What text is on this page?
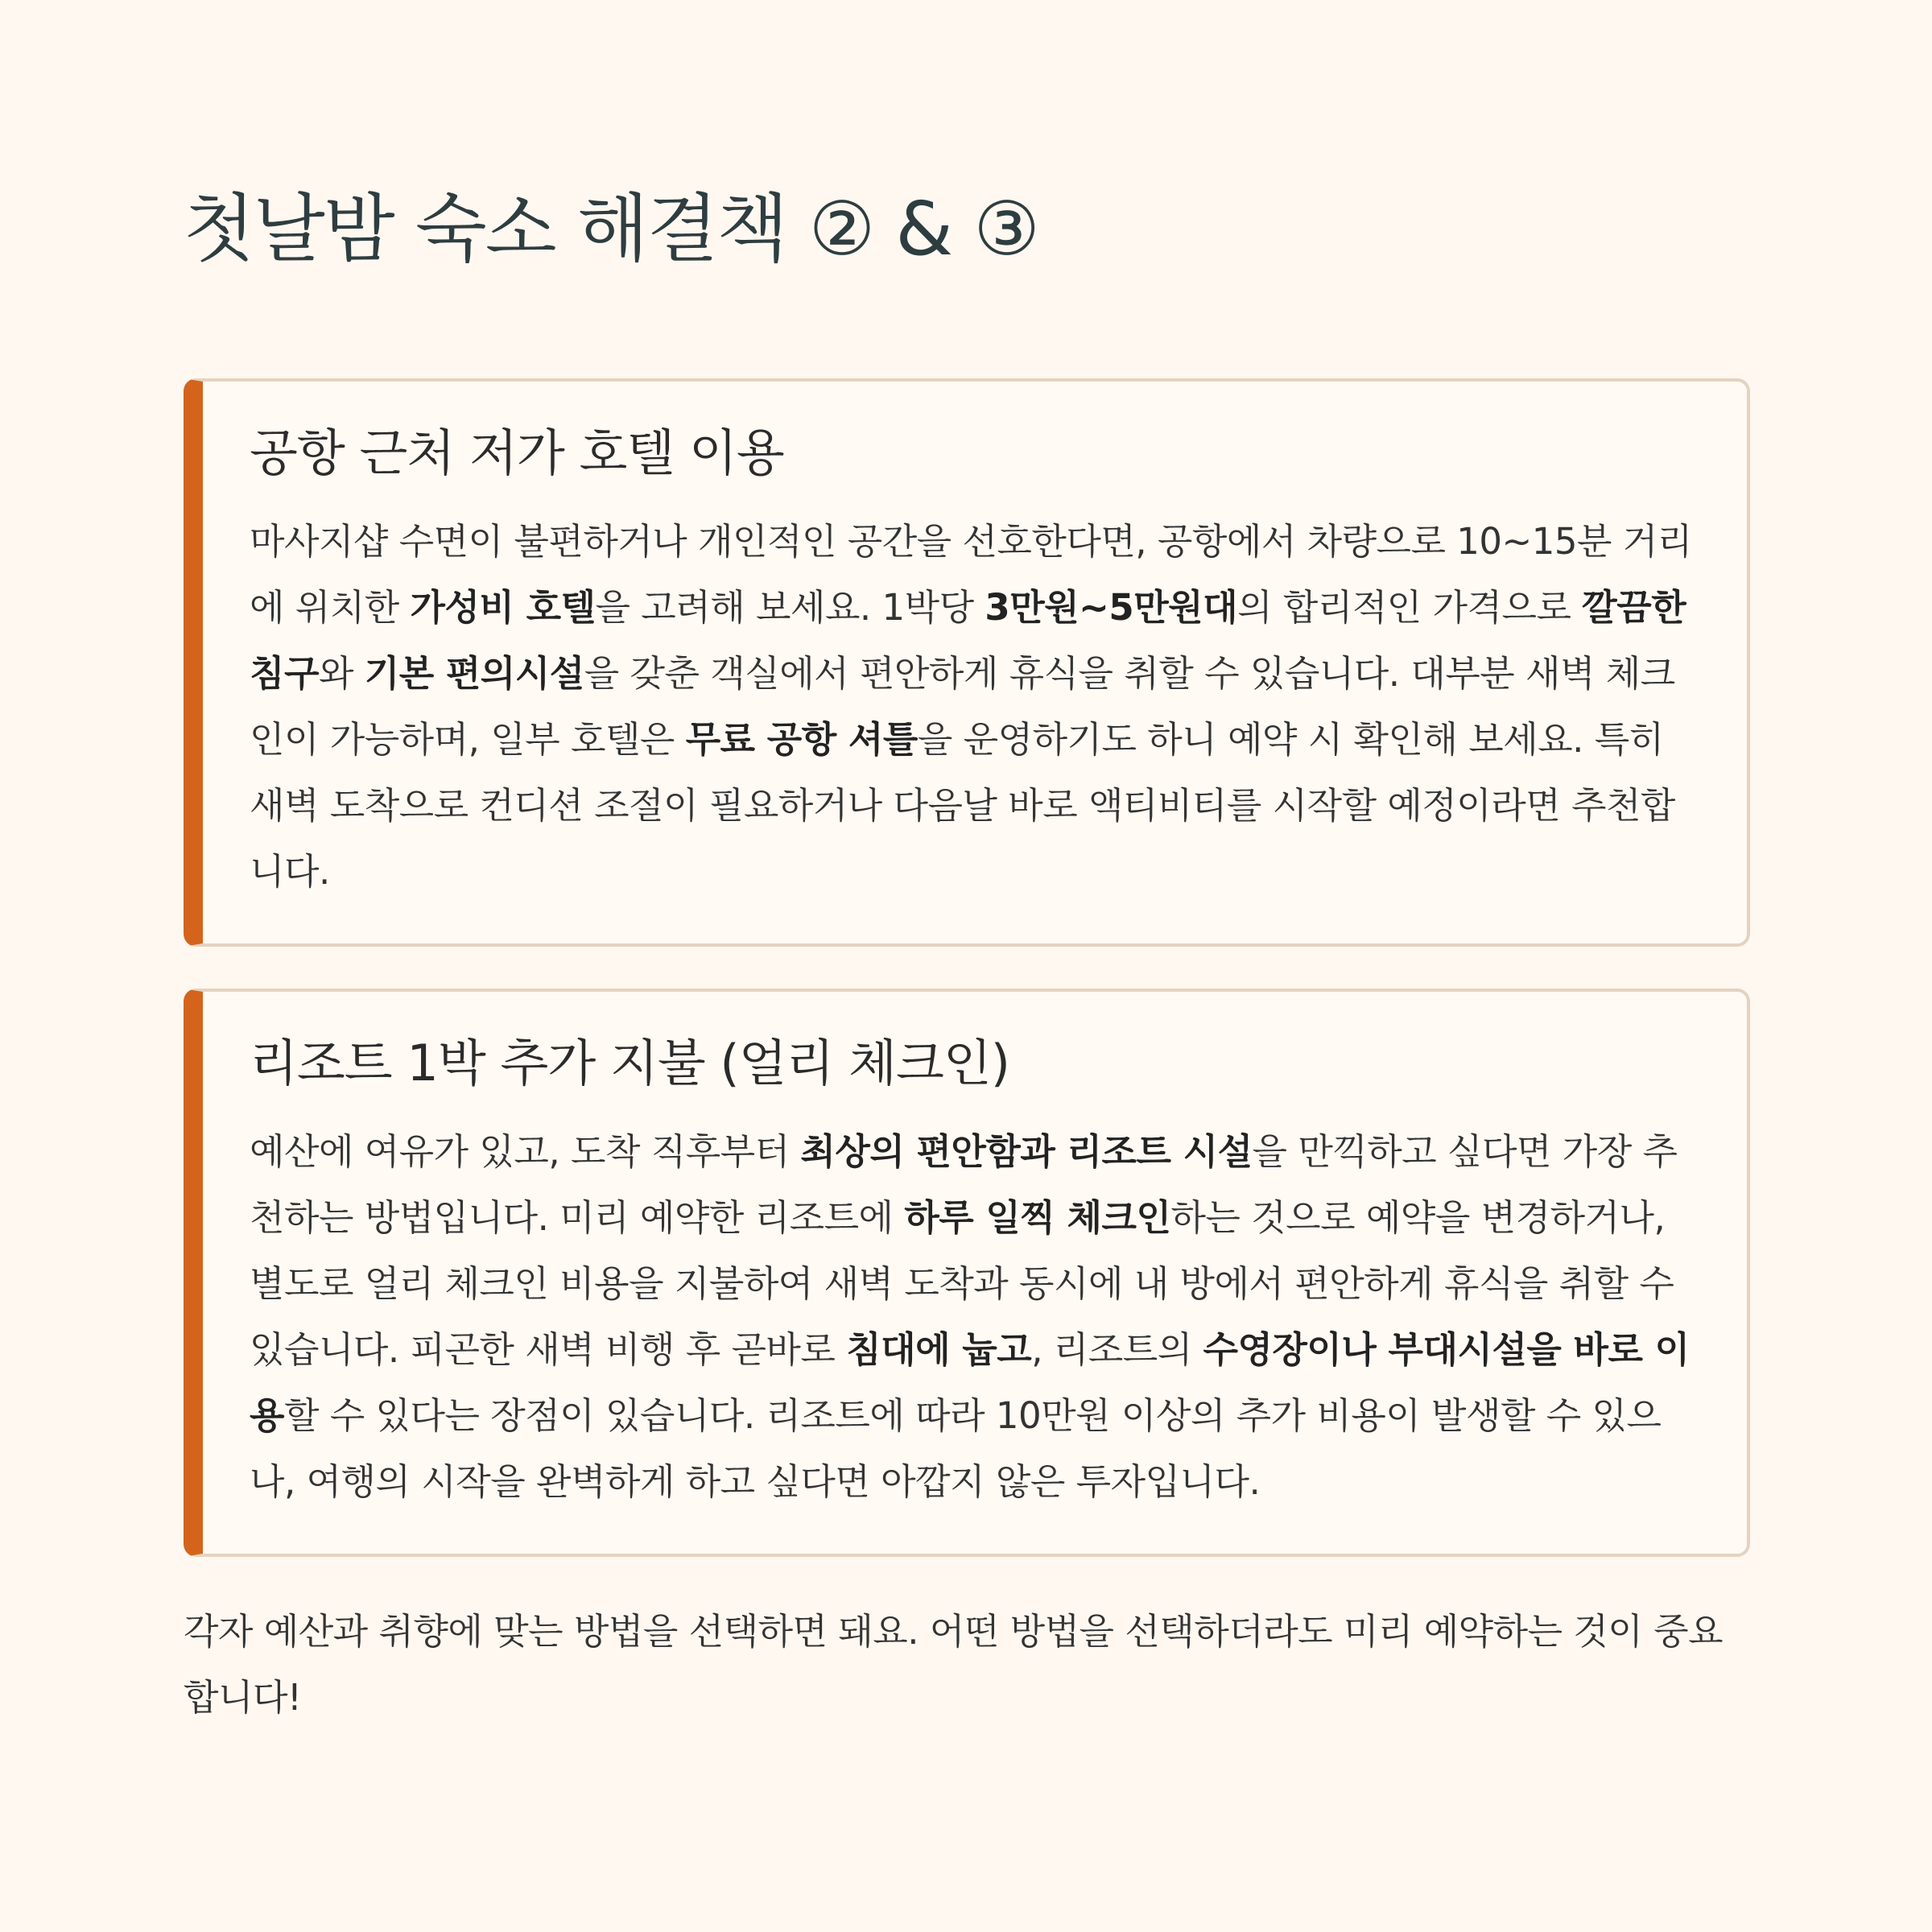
첫날밤 숙소 해결책 ② & ③
공항 근처 저가 호텔 이용

마사지샵 수면이 불편하거나 개인적인 공간을 선호한다면, 공항에서 차량으로 10~15분 거리에 위치한 가성비 호텔을 고려해 보세요. 1박당 3만원~5만원대의 합리적인 가격으로 깔끔한 침구와 기본 편의시설을 갖춘 객실에서 편안하게 휴식을 취할 수 있습니다. 대부분 새벽 체크인이 가능하며, 일부 호텔은 무료 공항 셔틀을 운영하기도 하니 예약 시 확인해 보세요. 특히 새벽 도착으로 컨디션 조절이 필요하거나 다음날 바로 액티비티를 시작할 예정이라면 추천합니다.

리조트 1박 추가 지불 (얼리 체크인)

예산에 여유가 있고, 도착 직후부터 최상의 편안함과 리조트 시설을 만끽하고 싶다면 가장 추천하는 방법입니다. 미리 예약한 리조트에 하루 일찍 체크인하는 것으로 예약을 변경하거나, 별도로 얼리 체크인 비용을 지불하여 새벽 도착과 동시에 내 방에서 편안하게 휴식을 취할 수 있습니다. 피곤한 새벽 비행 후 곧바로 침대에 눕고, 리조트의 수영장이나 부대시설을 바로 이용할 수 있다는 장점이 있습니다. 리조트에 따라 10만원 이상의 추가 비용이 발생할 수 있으나, 여행의 시작을 완벽하게 하고 싶다면 아깝지 않은 투자입니다.

각자 예산과 취향에 맞는 방법을 선택하면 돼요. 어떤 방법을 선택하더라도 미리 예약하는 것이 중요합니다!
